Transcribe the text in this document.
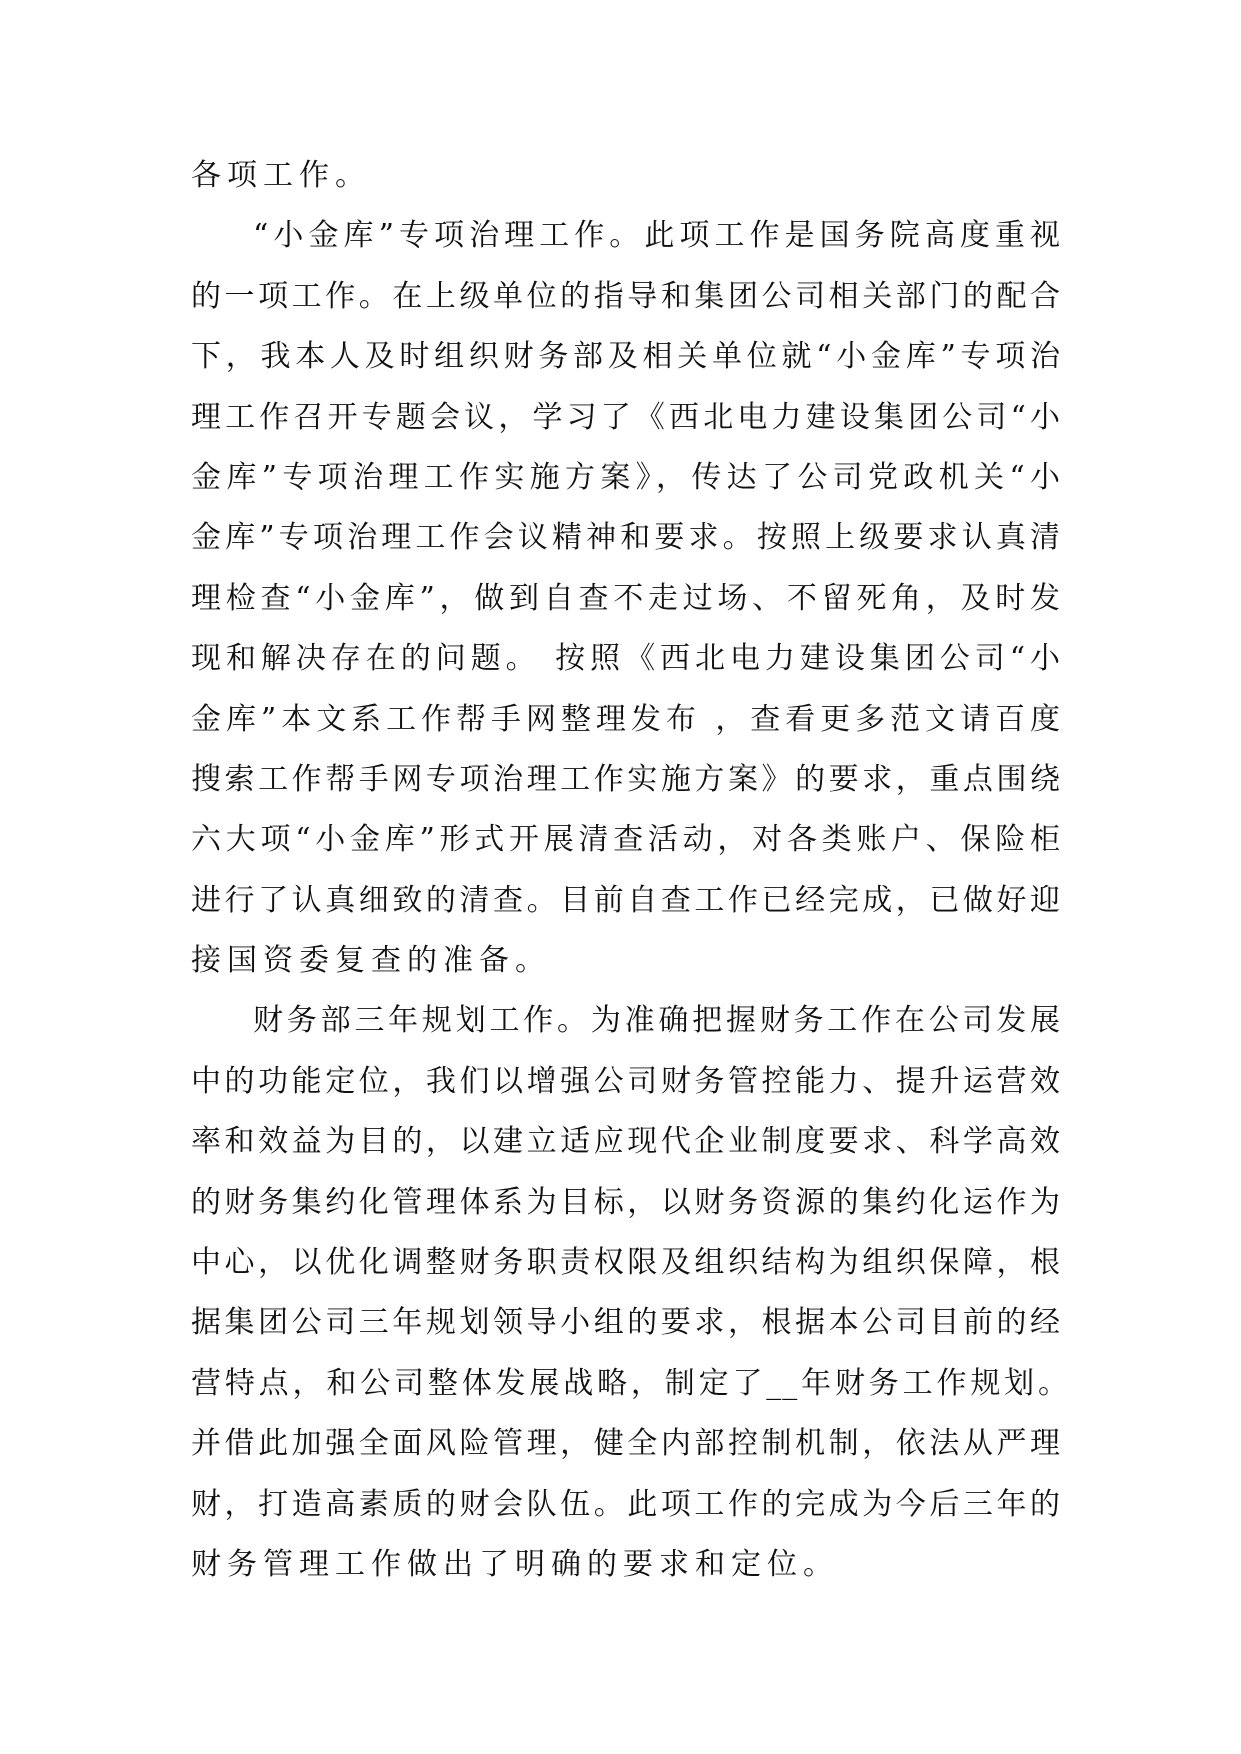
各项工作。
“小金库”专项治理工作。此项工作是国务院高度重视
的一项工作。在上级单位的指导和集团公司相关部门的配合
下，我本人及时组织财务部及相关单位就“小金库”专项治
理工作召开专题会议，学习了《西北电力建设集团公司“小
金库”专项治理工作实施方案》，传达了公司党政机关“小
金库”专项治理工作会议精神和要求。按照上级要求认真清
理检查“小金库”，做到自查不走过场、不留死角，及时发
现和解决存在的问题。 按照《西北电力建设集团公司“小
金库”本文系工作帮手网整理发布 ，查看更多范文请百度
搜索工作帮手网专项治理工作实施方案》的要求，重点围绕
六大项“小金库”形式开展清查活动，对各类账户、保险柜
进行了认真细致的清查。目前自查工作已经完成，已做好迎
接国资委复查的准备。
财务部三年规划工作。为准确把握财务工作在公司发展
中的功能定位，我们以增强公司财务管控能力、提升运营效
率和效益为目的，以建立适应现代企业制度要求、科学高效
的财务集约化管理体系为目标，以财务资源的集约化运作为
中心，以优化调整财务职责权限及组织结构为组织保障，根
据集团公司三年规划领导小组的要求，根据本公司目前的经
营特点，和公司整体发展战略，制定了__年财务工作规划。
并借此加强全面风险管理，健全内部控制机制，依法从严理
财，打造高素质的财会队伍。此项工作的完成为今后三年的
财务管理工作做出了明确的要求和定位。
